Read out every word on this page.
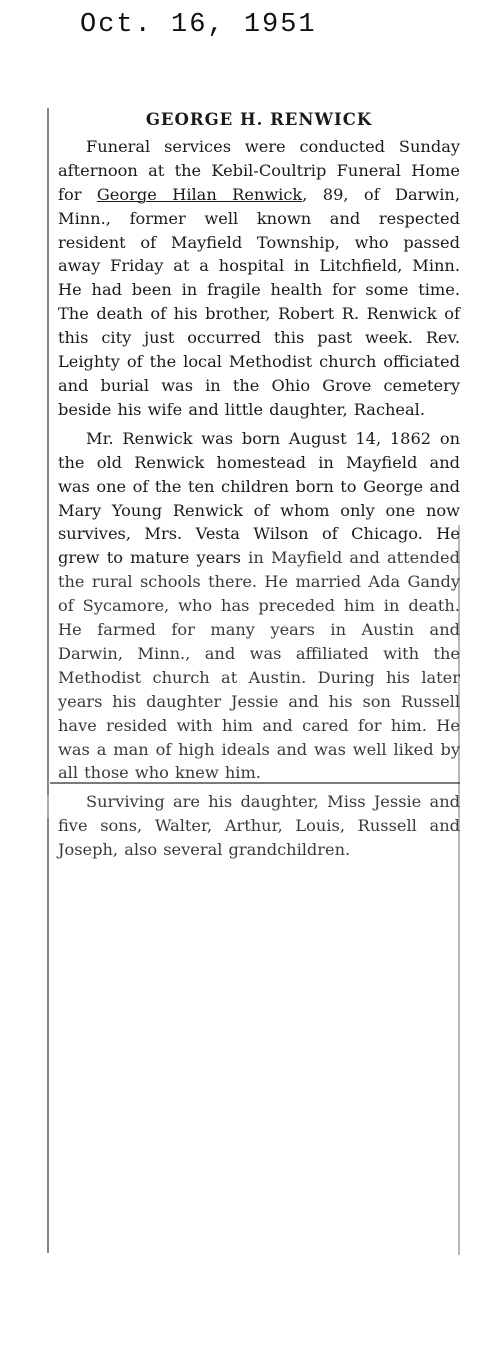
Oct. 16, 1951
GEORGE H. RENWICK

Funeral services were conducted Sunday afternoon at the Kebil-Coultrip Funeral Home for George Hilan Renwick, 89, of Darwin, Minn., former well known and respected resident of Mayfield Township, who passed away Friday at a hospital in Litchfield, Minn. He had been in fragile health for some time. The death of his brother, Robert R. Renwick of this city just occurred this past week. Rev. Leighty of the local Methodist church officiated and burial was in the Ohio Grove cemetery beside his wife and little daughter, Racheal.

Mr. Renwick was born August 14, 1862 on the old Renwick homestead in Mayfield and was one of the ten children born to George and Mary Young Renwick of whom only one now survives, Mrs. Vesta Wilson of Chicago. He grew to mature years in Mayfield and attended the rural schools there. He married Ada Gandy of Sycamore, who has preceded him in death. He farmed for many years in Austin and Darwin, Minn., and was affiliated with the Methodist church at Austin. During his later years his daughter Jessie and his son Russell have resided with him and cared for him. He was a man of high ideals and was well liked by all those who knew him.

Surviving are his daughter, Miss Jessie and five sons, Walter, Arthur, Louis, Russell and Joseph, also several grandchildren.
